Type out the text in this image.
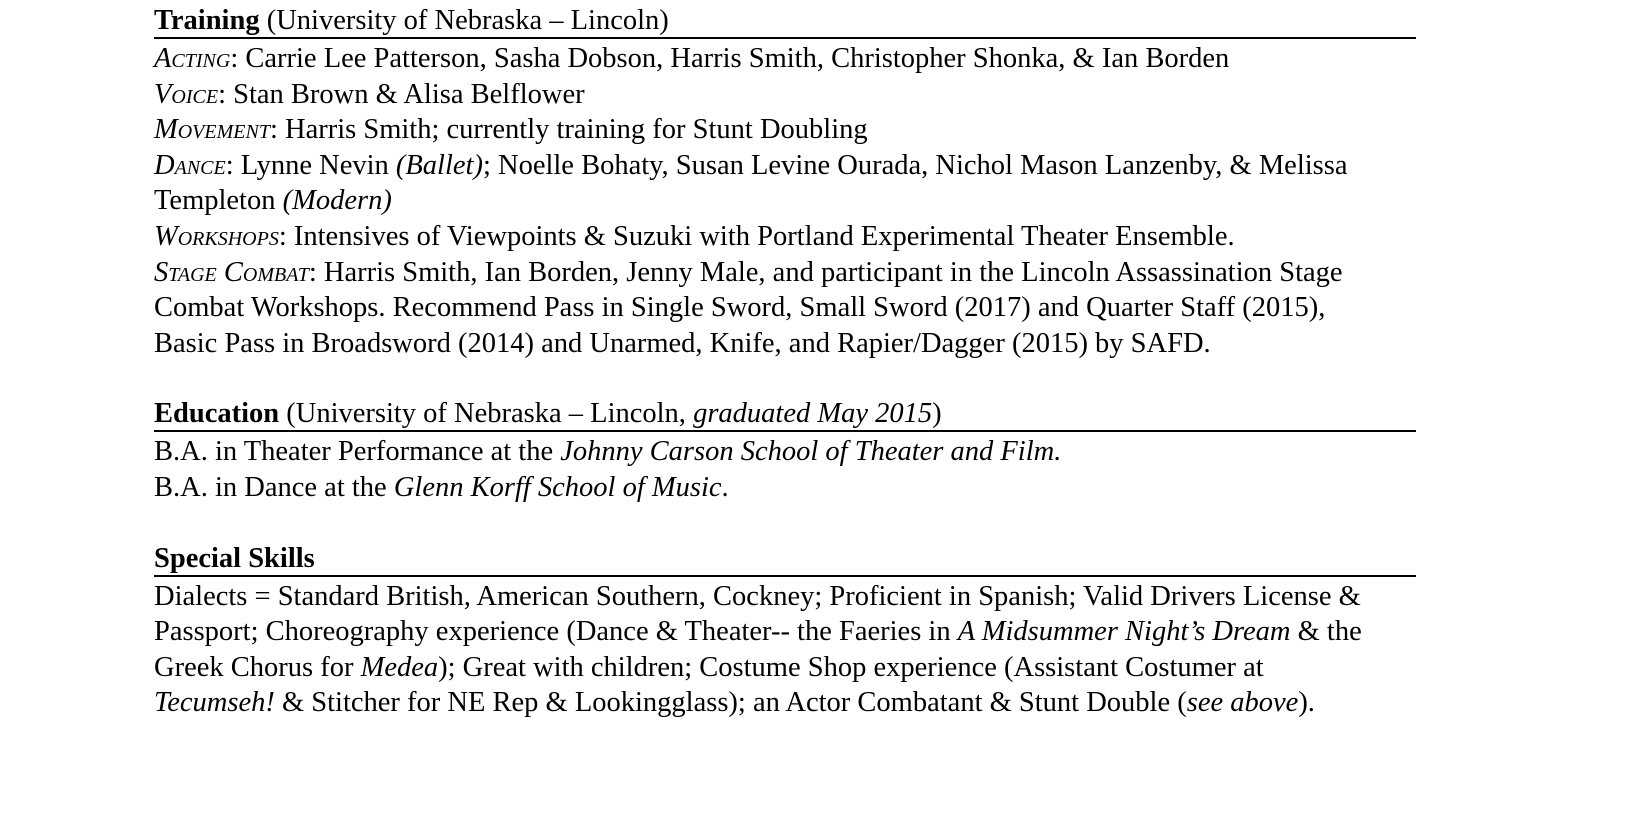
Training (University of Nebraska – Lincoln)
Acting: Carrie Lee Patterson, Sasha Dobson, Harris Smith, Christopher Shonka, & Ian Borden
Voice: Stan Brown & Alisa Belflower
Movement: Harris Smith; currently training for Stunt Doubling
Dance: Lynne Nevin (Ballet); Noelle Bohaty, Susan Levine Ourada, Nichol Mason Lanzenby, & Melissa
Templeton (Modern)
Workshops: Intensives of Viewpoints & Suzuki with Portland Experimental Theater Ensemble.
Stage Combat: Harris Smith, Ian Borden, Jenny Male, and participant in the Lincoln Assassination Stage
Combat Workshops. Recommend Pass in Single Sword, Small Sword (2017) and Quarter Staff (2015),
Basic Pass in Broadsword (2014) and Unarmed, Knife, and Rapier/Dagger (2015) by SAFD.
Education (University of Nebraska – Lincoln, graduated May 2015)
B.A. in Theater Performance at the Johnny Carson School of Theater and Film.
B.A. in Dance at the Glenn Korff School of Music.
Special Skills
Dialects = Standard British, American Southern, Cockney; Proficient in Spanish; Valid Drivers License &
Passport; Choreography experience (Dance & Theater-- the Faeries in A Midsummer Night’s Dream & the
Greek Chorus for Medea); Great with children; Costume Shop experience (Assistant Costumer at
Tecumseh! & Stitcher for NE Rep & Lookingglass); an Actor Combatant & Stunt Double (see above).
